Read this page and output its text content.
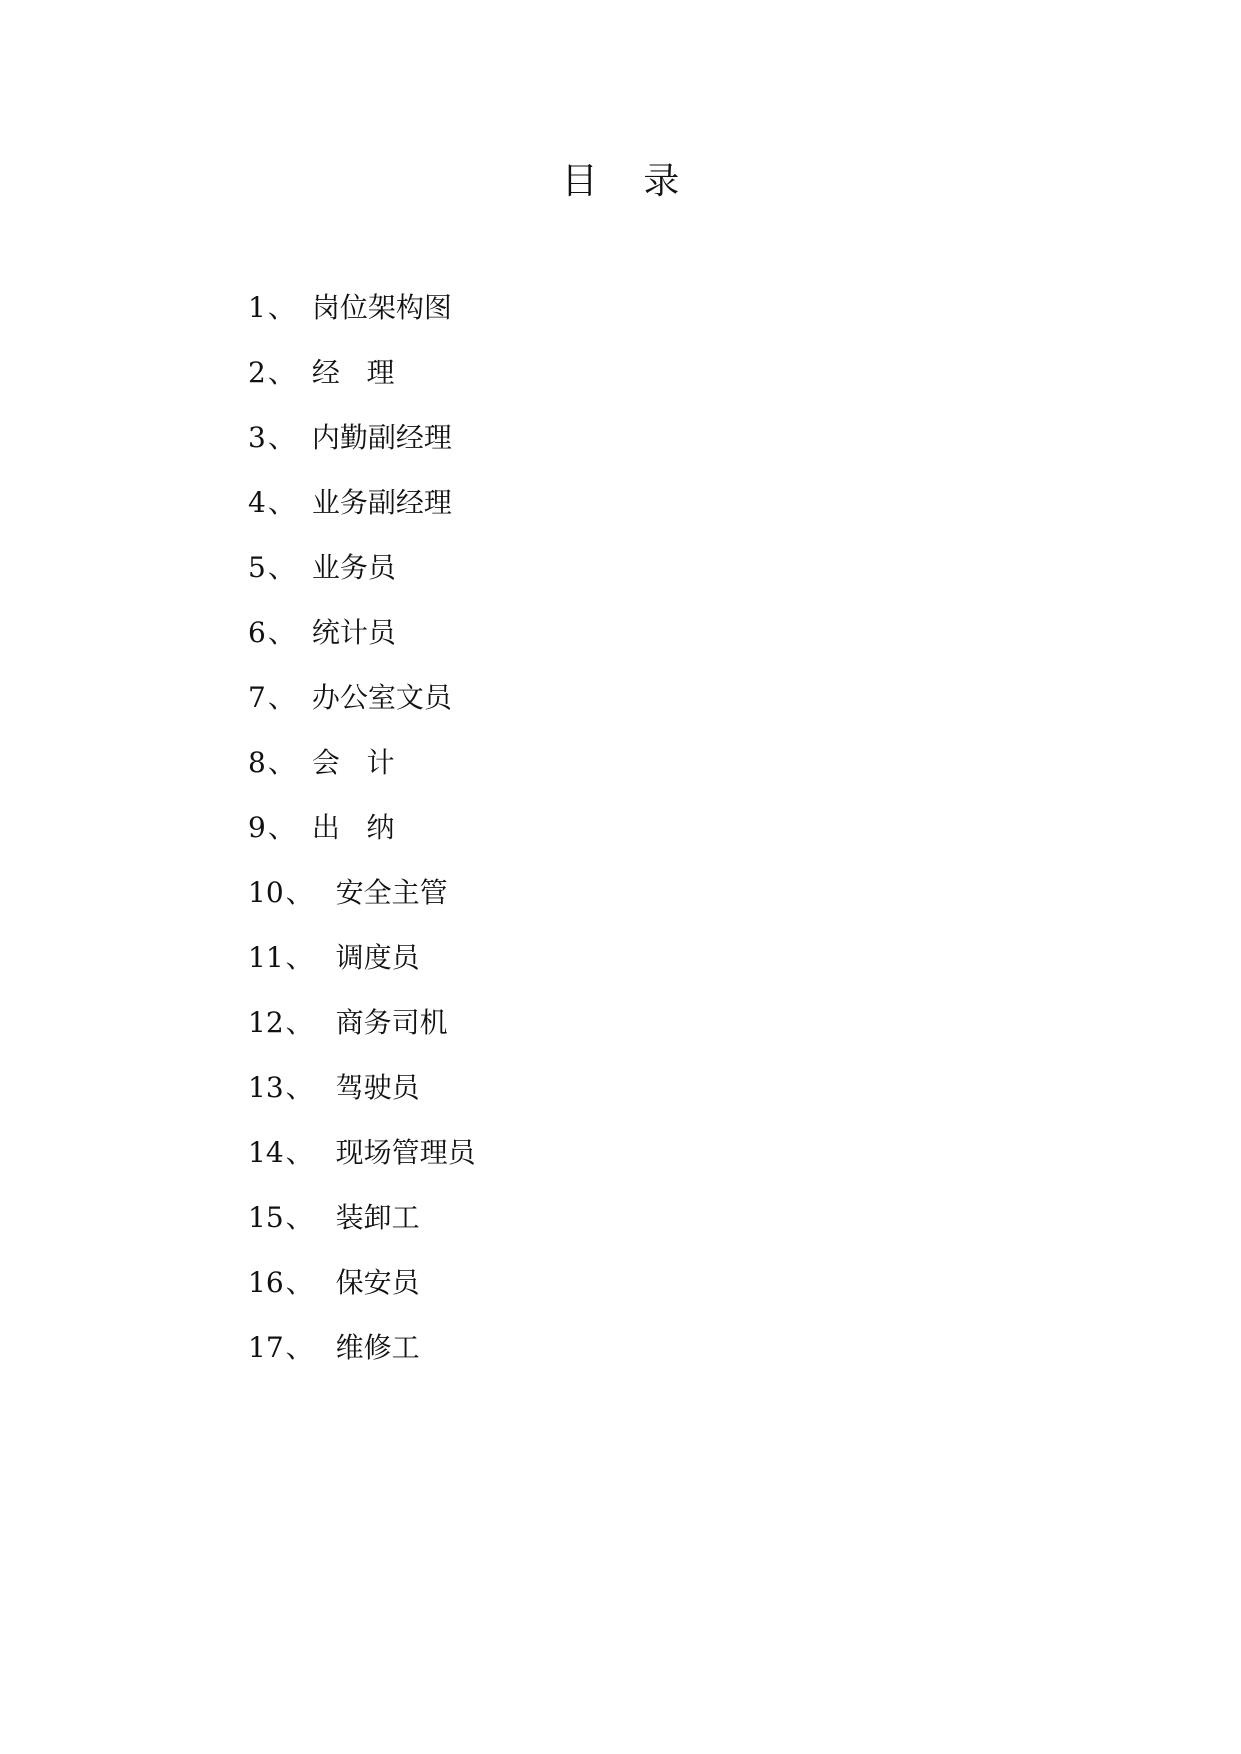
目    录
1 、 岗位架构图
2 、 经   理
3 、 内勤副经理
4 、 业务副经理
5 、 业务员
6 、 统计员
7 、 办公室文员
8 、 会   计
9 、 出   纳
10 、 安全主管
11 、 调度员
12 、 商务司机
13 、 驾驶员
14 、 现场管理员
15 、 装卸工
16 、 保安员
17 、 维修工
